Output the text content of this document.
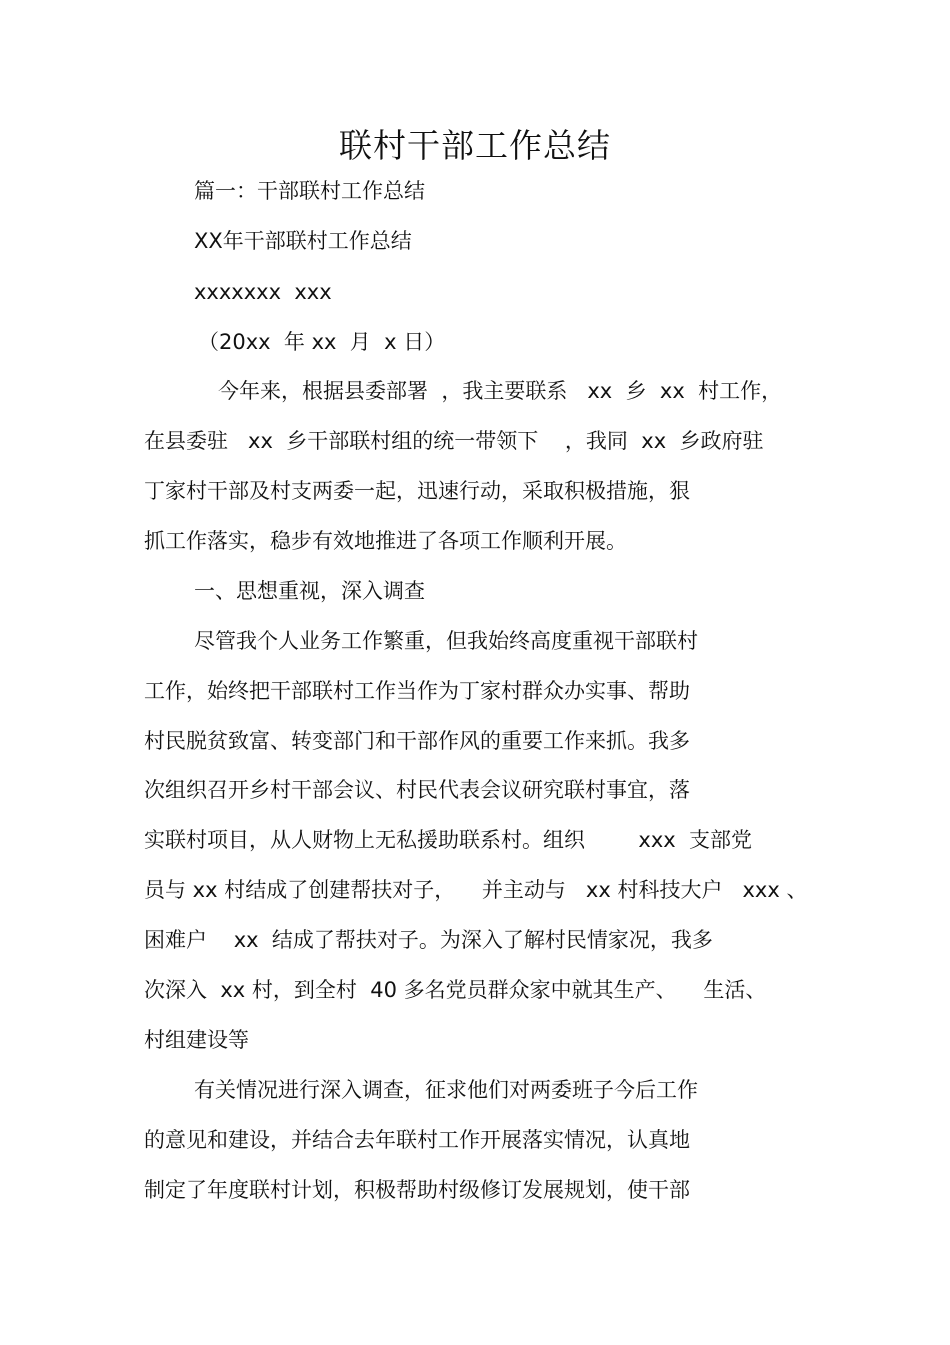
联村干部工作总结
篇一：干部联村工作总结
XX年干部联村工作总结
xxxxxxx  xxx
（20xx  年 xx  月  x 日）
今年来，根据县委部署  ，我主要联系   xx  乡  xx  村工作，
在县委驻   xx  乡干部联村组的统一带领下    ，我同  xx  乡政府驻
丁家村干部及村支两委一起，迅速行动，采取积极措施，狠
抓工作落实，稳步有效地推进了各项工作顺利开展。
一、思想重视，深入调查
尽管我个人业务工作繁重，但我始终高度重视干部联村
工作，始终把干部联村工作当作为丁家村群众办实事、帮助
村民脱贫致富、转变部门和干部作风的重要工作来抓。我多
次组织召开乡村干部会议、村民代表会议研究联村事宜，落
实联村项目，从人财物上无私援助联系村。组织        xxx  支部党
员与 xx 村结成了创建帮扶对子，    并主动与   xx 村科技大户   xxx 、
困难户    xx  结成了帮扶对子。为深入了解村民情家况，我多
次深入  xx 村，到全村  40 多名党员群众家中就其生产、    生活、
村组建设等
有关情况进行深入调查，征求他们对两委班子今后工作
的意见和建设，并结合去年联村工作开展落实情况，认真地
制定了年度联村计划，积极帮助村级修订发展规划，使干部
